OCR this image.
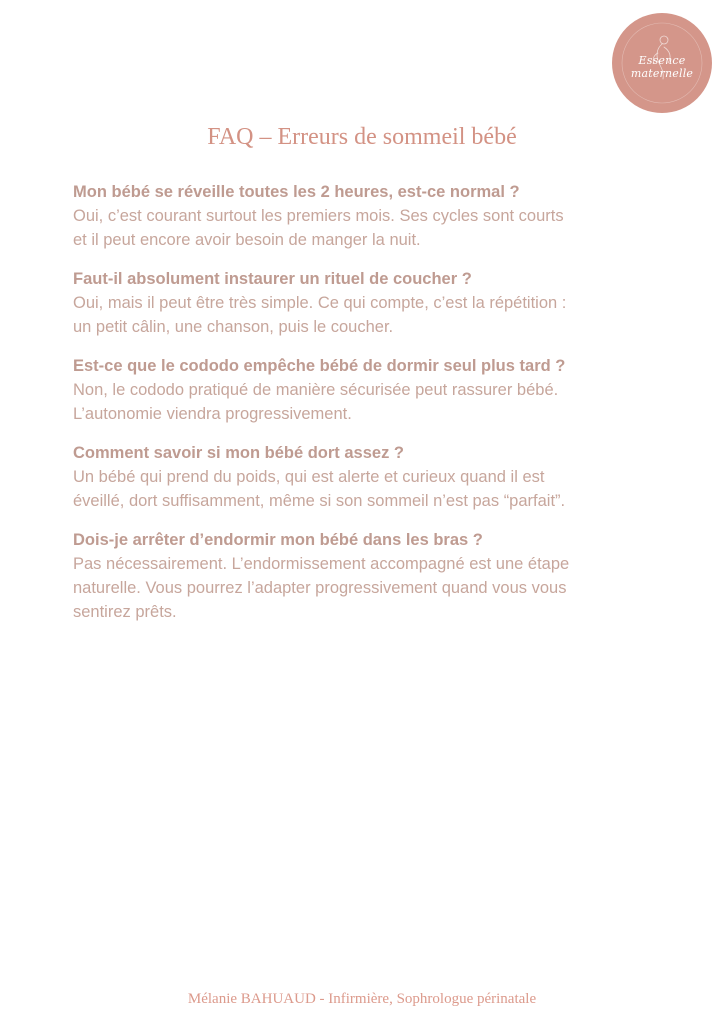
Essence maternelle
FAQ – Erreurs de sommeil bébé
Mon bébé se réveille toutes les 2 heures, est-ce normal ?
Oui, c’est courant surtout les premiers mois. Ses cycles sont courts
et il peut encore avoir besoin de manger la nuit.
Faut-il absolument instaurer un rituel de coucher ?
Oui, mais il peut être très simple. Ce qui compte, c’est la répétition :
un petit câlin, une chanson, puis le coucher.
Est-ce que le cododo empêche bébé de dormir seul plus tard ?
Non, le cododo pratiqué de manière sécurisée peut rassurer bébé.
L’autonomie viendra progressivement.
Comment savoir si mon bébé dort assez ?
Un bébé qui prend du poids, qui est alerte et curieux quand il est
éveillé, dort suffisamment, même si son sommeil n’est pas “parfait”.
Dois-je arrêter d’endormir mon bébé dans les bras ?
Pas nécessairement. L’endormissement accompagné est une étape
naturelle. Vous pourrez l’adapter progressivement quand vous vous
sentirez prêts.
Mélanie BAHUAUD - Infirmière, Sophrologue périnatale
